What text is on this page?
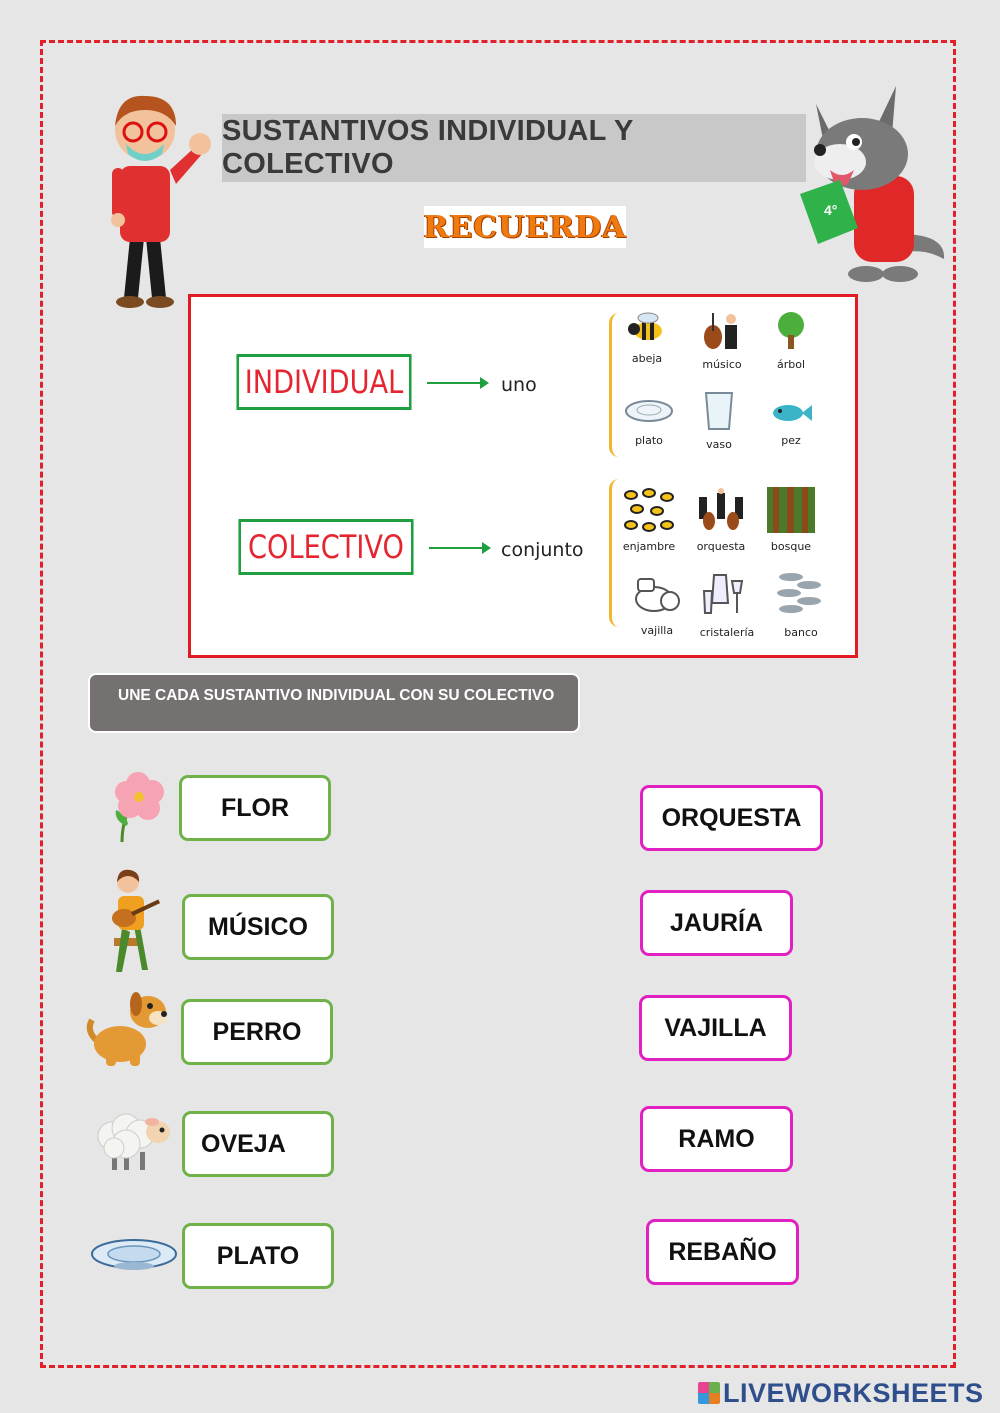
SUSTANTIVOS INDIVIDUAL Y COLECTIVO
RECUERDA	4°
INDIVIDUAL	uno
COLECTIVO	conjunto
abeja	músico	árbol
plato	vaso	pez
enjambre	orquesta	bosque
vajilla	cristalería	banco
UNE CADA SUSTANTIVO INDIVIDUAL CON SU COLECTIVO
FLOR
MÚSICO
PERRO
OVEJA
PLATO
ORQUESTA
JAURÍA
VAJILLA
RAMO
REBAÑO
LIVEWORKSHEETS
